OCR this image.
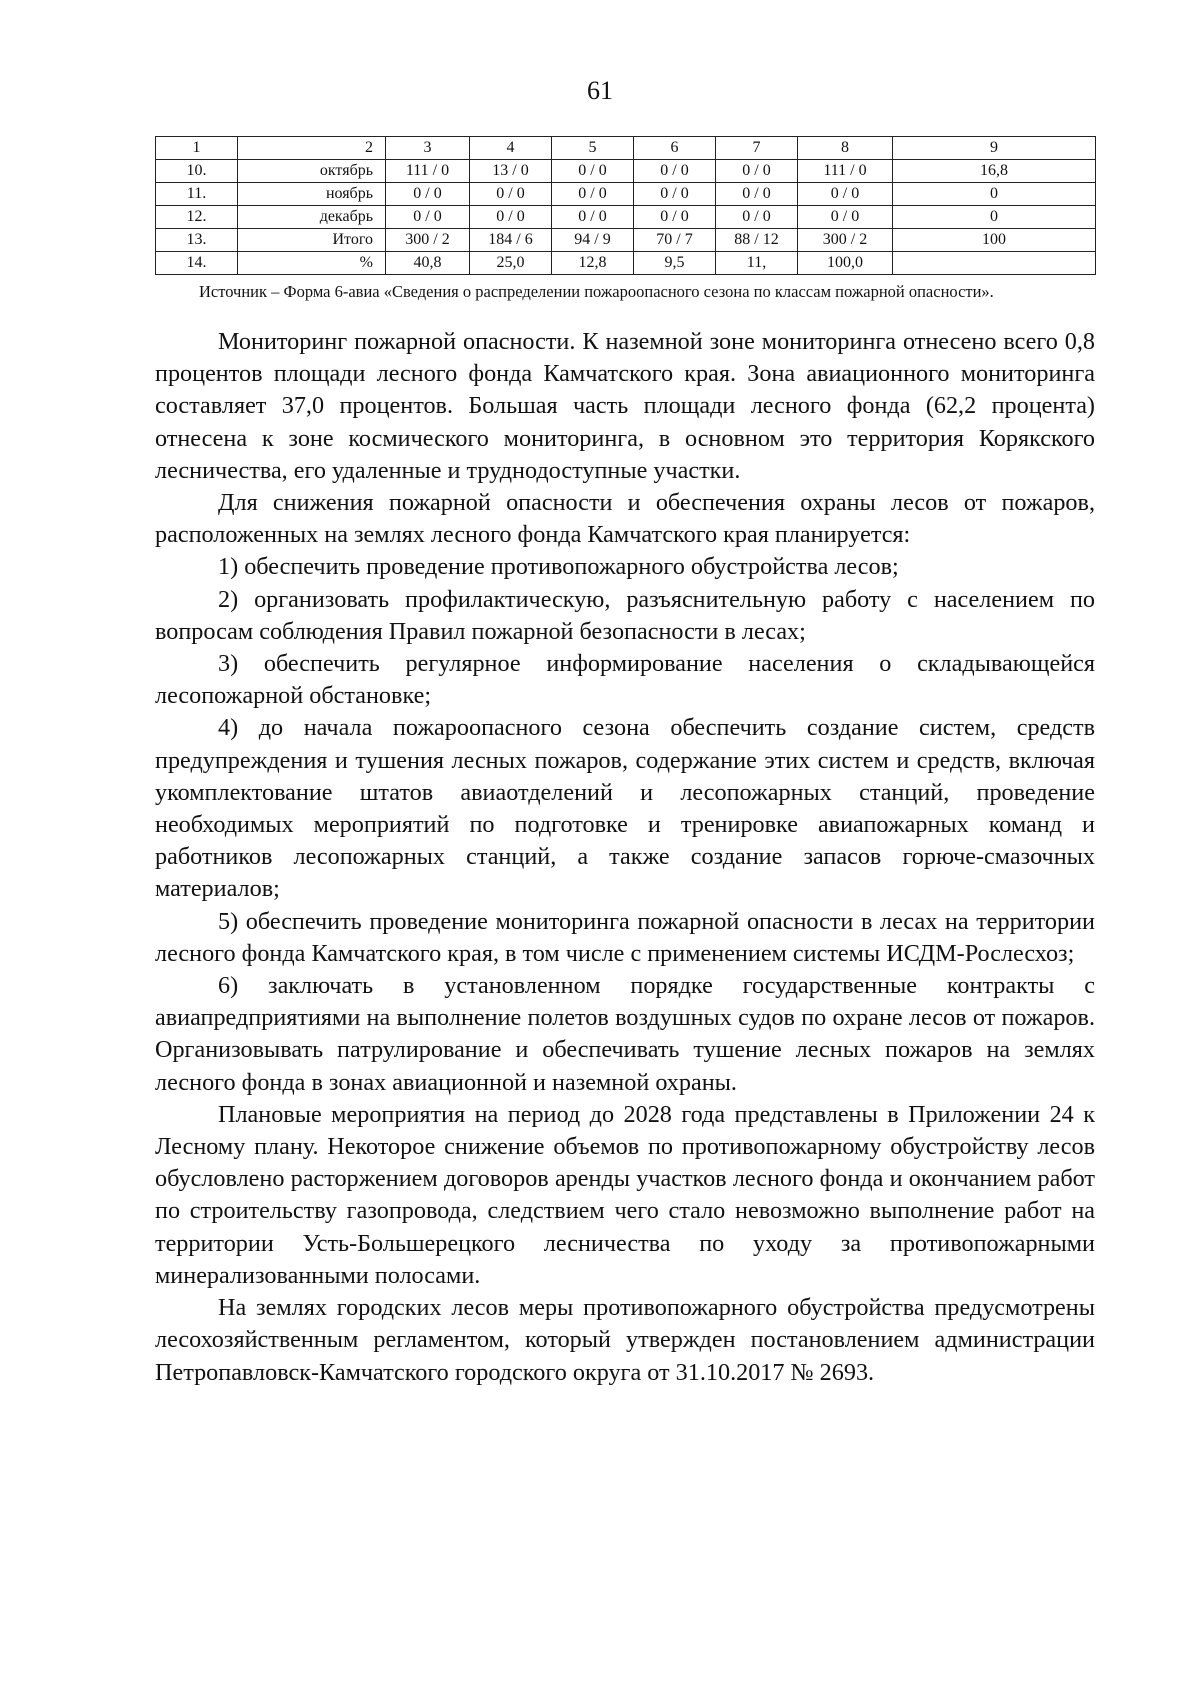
61
1	2	3	4	5	6	7	8	9
10.	октябрь	111 / 0	13 / 0	0 / 0	0 / 0	0 / 0	111 / 0	16,8
11.	ноябрь	0 / 0	0 / 0	0 / 0	0 / 0	0 / 0	0 / 0	0
12.	декабрь	0 / 0	0 / 0	0 / 0	0 / 0	0 / 0	0 / 0	0
13.	Итого	300 / 2	184 / 6	94 / 9	70 / 7	88 / 12	300 / 2	100
14.	%	40,8	25,0	12,8	9,5	11,	100,0	
Источник – Форма 6-авиа «Сведения о распределении пожароопасного сезона по классам пожарной опасности».

Мониторинг пожарной опасности. К наземной зоне мониторинга отнесено всего 0,8 процентов площади лесного фонда Камчатского края. Зона авиационного мониторинга составляет 37,0 процентов. Большая часть площади лесного фонда (62,2 процента) отнесена к зоне космического мониторинга, в основном это территория Корякского лесничества, его удаленные и труднодоступные участки.

Для снижения пожарной опасности и обеспечения охраны лесов от пожаров, расположенных на землях лесного фонда Камчатского края планируется:

1) обеспечить проведение противопожарного обустройства лесов;

2) организовать профилактическую, разъяснительную работу с населением по вопросам соблюдения Правил пожарной безопасности в лесах;

3) обеспечить регулярное информирование населения о складывающейся лесопожарной обстановке;

4) до начала пожароопасного сезона обеспечить создание систем, средств предупреждения и тушения лесных пожаров, содержание этих систем и средств, включая укомплектование штатов авиаотделений и лесопожарных станций, проведение необходимых мероприятий по подготовке и тренировке авиапожарных команд и работников лесопожарных станций, а также создание запасов горюче-смазочных материалов;

5) обеспечить проведение мониторинга пожарной опасности в лесах на территории лесного фонда Камчатского края, в том числе с применением системы ИСДМ-Рослесхоз;

6) заключать в установленном порядке государственные контракты с авиапредприятиями на выполнение полетов воздушных судов по охране лесов от пожаров. Организовывать патрулирование и обеспечивать тушение лесных пожаров на землях лесного фонда в зонах авиационной и наземной охраны.

Плановые мероприятия на период до 2028 года представлены в Приложении 24 к Лесному плану. Некоторое снижение объемов по противопожарному обустройству лесов обусловлено расторжением договоров аренды участков лесного фонда и окончанием работ по строительству газопровода, следствием чего стало невозможно выполнение работ на территории Усть-Большерецкого лесничества по уходу за противопожарными минерализованными полосами.

На землях городских лесов меры противопожарного обустройства предусмотрены лесохозяйственным регламентом, который утвержден постановлением администрации Петропавловск-Камчатского городского округа от 31.10.2017 № 2693.
